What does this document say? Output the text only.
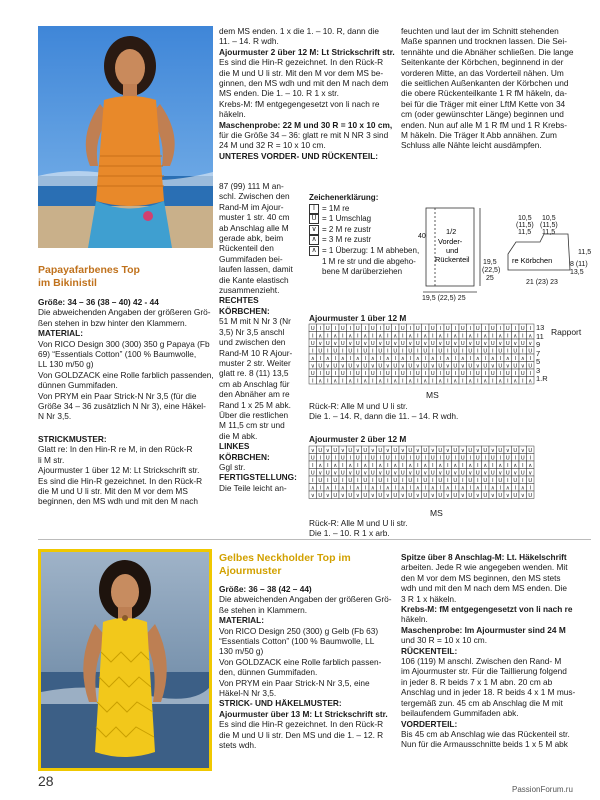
Papayafarbenes Top
im Bikinistil

Größe: 34 – 36 (38 – 40) 42 - 44

Die abweichenden Angaben der größeren Grö-

ßen stehen in bzw hinter den Klammern.

MATERIAL:

Von RICO Design 300 (300) 350 g Papaya (Fb

69) “Essentials Cotton” (100 % Baumwolle,

LL 130 m/50 g)

Von GOLDZACK eine Rolle farblich passenden,

dünnen Gummifaden.

Von PRYM ein Paar Strick-N Nr 3,5 (für die

Größe 34 – 36 zusätzlich N Nr 3), eine Häkel-

N Nr 3,5.

STRICKMUSTER:

Glatt re: In den Hin-R re M, in den Rück-R

li M str.

Ajourmuster 1 über 12 M: Lt Strickschrift str.

Es sind die Hin-R gezeichnet. In den Rück-R

die M und U li str. Mit den M vor dem MS

beginnen, den MS wdh und mit den M nach

dem MS enden. 1 x die 1. – 10. R, dann die

11. – 14. R wdh.

Ajourmuster 2 über 12 M: Lt Strickschrift str.

Es sind die Hin-R gezeichnet. In den Rück-R

die M und U li str. Mit den M vor dem MS be-

ginnen, den MS wdh und mit den M nach dem

MS enden. Die 1. – 10. R 1 x str.

Krebs-M: fM entgegengesetzt von li nach re

häkeln.

Maschenprobe: 22 M und 30 R = 10 x 10 cm,

für die Größe 34 – 36: glatt re mit N NR 3 sind

24 M und 32 R = 10 x 10 cm.

UNTERES VORDER- UND RÜCKENTEIL:

87 (99) 111 M an-

schl. Zwischen den

Rand-M im Ajour-

muster 1 str. 40 cm

ab Anschlag alle M

gerade abk, beim

Rückenteil den

Gummifaden bei-

laufen lassen, damit

die Kante elastisch

zusammenzieht.

RECHTES

KÖRBCHEN:

51 M mit N Nr 3 (Nr

3,5) Nr 3,5 anschl

und zwischen den

Rand-M 10 R Ajour-

muster 2 str. Weiter

glatt re. 8 (11) 13,5

cm ab Anschlag für

den Abnäher am re

Rand 1 x 25 M abk.

Über die restlichen

M 11,5 cm str und

die M abk.

LINKES

KÖRBCHEN:

Ggl str.

FERTIGSTELLUNG:

Die Teile leicht an-

feuchten und laut der im Schnitt stehenden

Maße spannen und trocknen lassen. Die Sei-

tennähte und die Abnäher schließen. Die lange

Seitenkante der Körbchen, beginnend in der

vorderen Mitte, an das Vorderteil nähen. Um

die seitlichen Außenkanten der Körbchen und

die obere Rückenteilkante 1 R fM häkeln, da-

bei für die Träger mit einer LftM Kette von 34

cm (oder gewünschter Länge) beginnen und

enden. Nun auf alle M 1 R fM und 1 R Krebs-

M häkeln. Die Träger lt Abb annähen. Zum

Schluss alle Nähte leicht ausdämpfen.

Zeichenerklärung:
I = 1M re
U = 1 Umschlag
∨ = 2 M re zustr
∧ = 3 M re zustr
∧ = 1 Überzug: 1 M abheben,
1 M re str und die abgeho-
bene M darüberziehen
1/2
Vorder-
und
Rückenteil
40
19,5 (22,5) 25
19,5
(22,5)
25
10,5
(11,5)
11,5
10,5
(11,5)
11,5
11,5
re Körbchen	8 (11)
13,5
21 (23) 23
Ajourmuster 1 über 12 M
U I U I U I U I U I U I U I U I U I U I U I U I U I U I U I
I ∧ I ∧ I ∧ I ∧ I ∧ I ∧ I ∧ I ∧ I ∧ I ∧ I ∧ I ∧ I ∧ I ∧ I ∧
U ∨ U ∨ U ∨ U ∨ U ∨ U ∨ U ∨ U ∨ U ∨ U ∨ U ∨ U ∨ U ∨ U ∨ U ∨
I U I U I U I U I U I U I U I U I U I U I U I U I U I U I U
∧ I ∧ I ∧ I ∧ I ∧ I ∧ I ∧ I ∧ I ∧ I ∧ I ∧ I ∧ I ∧ I ∧ I ∧ I
∨ U ∨ U ∨ U ∨ U ∨ U ∨ U ∨ U ∨ U ∨ U ∨ U ∨ U ∨ U ∨ U ∨ U ∨ U
U I U I U I U I U I U I U I U I U I U I U I U I U I U I U I
I ∧ I ∧ I ∧ I ∧ I ∧ I ∧ I ∧ I ∧ I ∧ I ∧ I ∧ I ∧ I ∧ I ∧ I ∧
13
11
9
7
5
3
1.R
Rapport
MS

Rück-R: Alle M und U li str.

Die 1. – 14. R, dann die 11. – 14. R wdh.

Ajourmuster 2 über 12 M
∨ U ∨ U ∨ U ∨ U ∨ U ∨ U ∨ U ∨ U ∨ U ∨ U ∨ U ∨ U ∨ U ∨ U ∨ U
U I U I U I U I U I U I U I U I U I U I U I U I U I U I U I
I ∧ I ∧ I ∧ I ∧ I ∧ I ∧ I ∧ I ∧ I ∧ I ∧ I ∧ I ∧ I ∧ I ∧ I ∧
U ∨ U ∨ U ∨ U ∨ U ∨ U ∨ U ∨ U ∨ U ∨ U ∨ U ∨ U ∨ U ∨ U ∨ U ∨
I U I U I U I U I U I U I U I U I U I U I U I U I U I U I U
∧ I ∧ I ∧ I ∧ I ∧ I ∧ I ∧ I ∧ I ∧ I ∧ I ∧ I ∧ I ∧ I ∧ I ∧ I
∨ U ∨ U ∨ U ∨ U ∨ U ∨ U ∨ U ∨ U ∨ U ∨ U ∨ U ∨ U ∨ U ∨ U ∨ U
MS

Rück-R: Alle M und U li str.

Die 1. – 10. R 1 x arb.

Gelbes Neckholder Top im
Ajourmuster

Größe: 36 – 38 (42 – 44)

Die abweichenden Angaben der größeren Grö-

ße stehen in Klammern.

MATERIAL:

Von RICO Design 250 (300) g Gelb (Fb 63)

“Essentials Cotton” (100 % Baumwolle, LL

130 m/50 g)

Von GOLDZACK eine Rolle farblich passen-

den, dünnen Gummifaden.

Von PRYM ein Paar Strick-N Nr 3,5, eine

Häkel-N Nr 3,5.

STRICK- UND HÄKELMUSTER:

Ajourmuster über 13 M: Lt Strickschrift str.

Es sind die Hin-R gezeichnet. In den Rück-R

die M und U li str. Den MS und die 1. – 12. R

stets wdh.

Spitze über 8 Anschlag-M: Lt. Häkelschrift

arbeiten. Jede R wie angegeben wenden. Mit

den M vor dem MS beginnen, den MS stets

wdh und mit den M nach dem MS enden. Die

3 R 1 x häkeln.

Krebs-M: fM entgegengesetzt von li nach re

häkeln.

Maschenprobe: Im Ajourmuster sind 24 M

und 30 R = 10 x 10 cm.

RÜCKENTEIL:

106 (119) M anschl. Zwischen den Rand- M

im Ajourmuster str. Für die Taillierung folgend

in jeder 8. R beids 7 x 1 M abn. 20 cm ab

Anschlag und in jeder 18. R beids 4 x 1 M mus-

tergemäß zun. 45 cm ab Anschlag die M mit

beilaufendem Gummifaden abk.

VORDERTEIL:

Bis 45 cm ab Anschlag wie das Rückenteil str.

Nun für die Armausschnitte beids 1 x 5 M abk

28
PassionForum.ru
